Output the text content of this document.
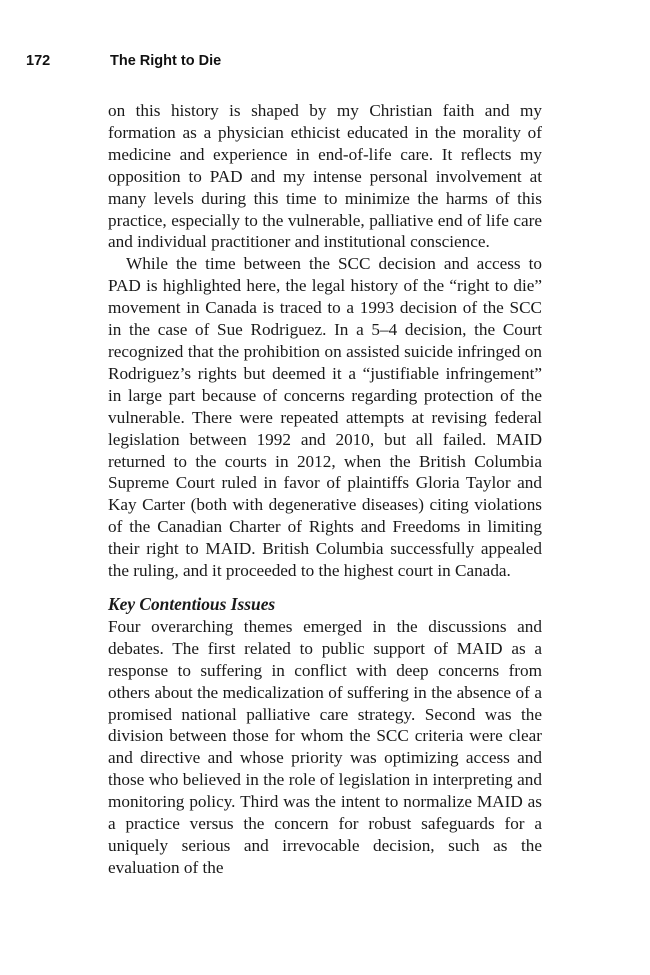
172	The Right to Die

on this history is shaped by my Christian faith and my formation as a physician ethicist educated in the morality of medicine and experience in end-of-life care. It reflects my opposition to PAD and my intense personal involvement at many levels during this time to minimize the harms of this practice, especially to the vulnerable, palliative end of life care and individual practitioner and institutional conscience.

While the time between the SCC decision and access to PAD is highlighted here, the legal history of the “right to die” movement in Canada is traced to a 1993 decision of the SCC in the case of Sue Rodriguez. In a 5–4 decision, the Court recognized that the prohibition on assisted suicide infringed on Rodriguez’s rights but deemed it a “justifiable infringement” in large part because of concerns regarding protection of the vulnerable. There were repeated attempts at revising federal legislation between 1992 and 2010, but all failed. MAID returned to the courts in 2012, when the British Columbia Supreme Court ruled in favor of plaintiffs Gloria Taylor and Kay Carter (both with degenerative diseases) citing violations of the Canadian Charter of Rights and Freedoms in limiting their right to MAID. British Columbia successfully appealed the ruling, and it proceeded to the highest court in Canada.

Key Contentious Issues

Four overarching themes emerged in the discussions and debates. The first related to public support of MAID as a response to suffering in conflict with deep concerns from others about the medicalization of suffering in the absence of a promised national palliative care strategy. Second was the division between those for whom the SCC criteria were clear and directive and whose priority was optimizing access and those who believed in the role of legislation in interpreting and monitoring policy. Third was the intent to normalize MAID as a practice versus the concern for robust safeguards for a uniquely serious and irrevocable decision, such as the evaluation of the
